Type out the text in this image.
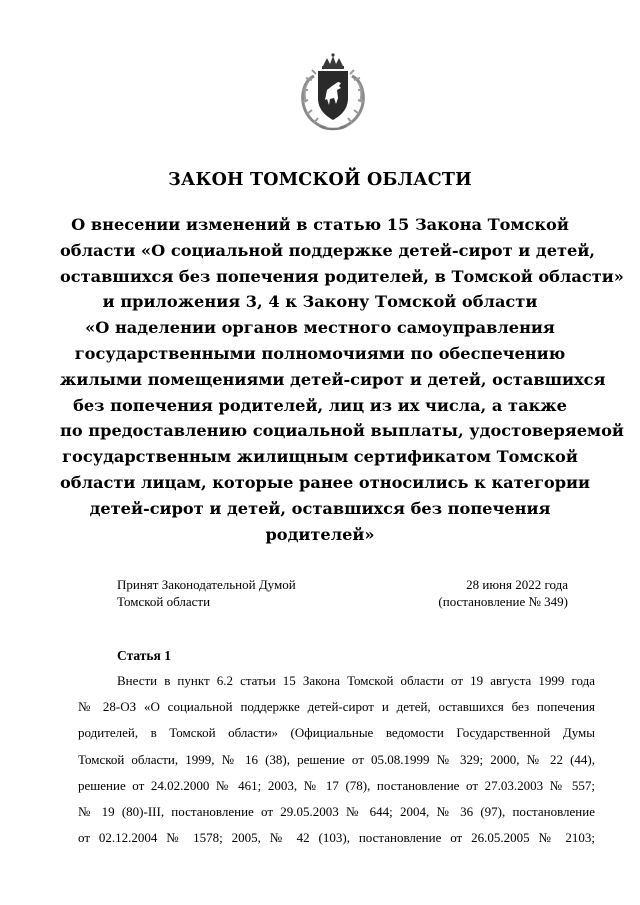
ЗАКОН ТОМСКОЙ ОБЛАСТИ
О внесении изменений в статью 15 Закона Томской
области «О социальной поддержке детей-сирот и детей,
оставшихся без попечения родителей, в Томской области»
и приложения 3, 4 к Закону Томской области
«О наделении органов местного самоуправления
государственными полномочиями по обеспечению
жилыми помещениями детей-сирот и детей, оставшихся
без попечения родителей, лиц из их числа, а также
по предоставлению социальной выплаты, удостоверяемой
государственным жилищным сертификатом Томской
области лицам, которые ранее относились к категории
детей-сирот и детей, оставшихся без попечения
родителей»
Принят Законодательной Думой
Томской области
28 июня 2022 года
(постановление № 349)
Статья 1
Внести в пункт 6.2 статьи 15 Закона Томской области от 19 августа 1999 года
№ 28-ОЗ «О социальной поддержке детей-сирот и детей, оставшихся без попечения
родителей, в Томской области» (Официальные ведомости Государственной Думы
Томской области, 1999, № 16 (38), решение от 05.08.1999 № 329; 2000, № 22 (44),
решение от 24.02.2000 № 461; 2003, № 17 (78), постановление от 27.03.2003 № 557;
№ 19 (80)-III, постановление от 29.05.2003 № 644; 2004, № 36 (97), постановление
от 02.12.2004 № 1578; 2005, № 42 (103), постановление от 26.05.2005 № 2103;
